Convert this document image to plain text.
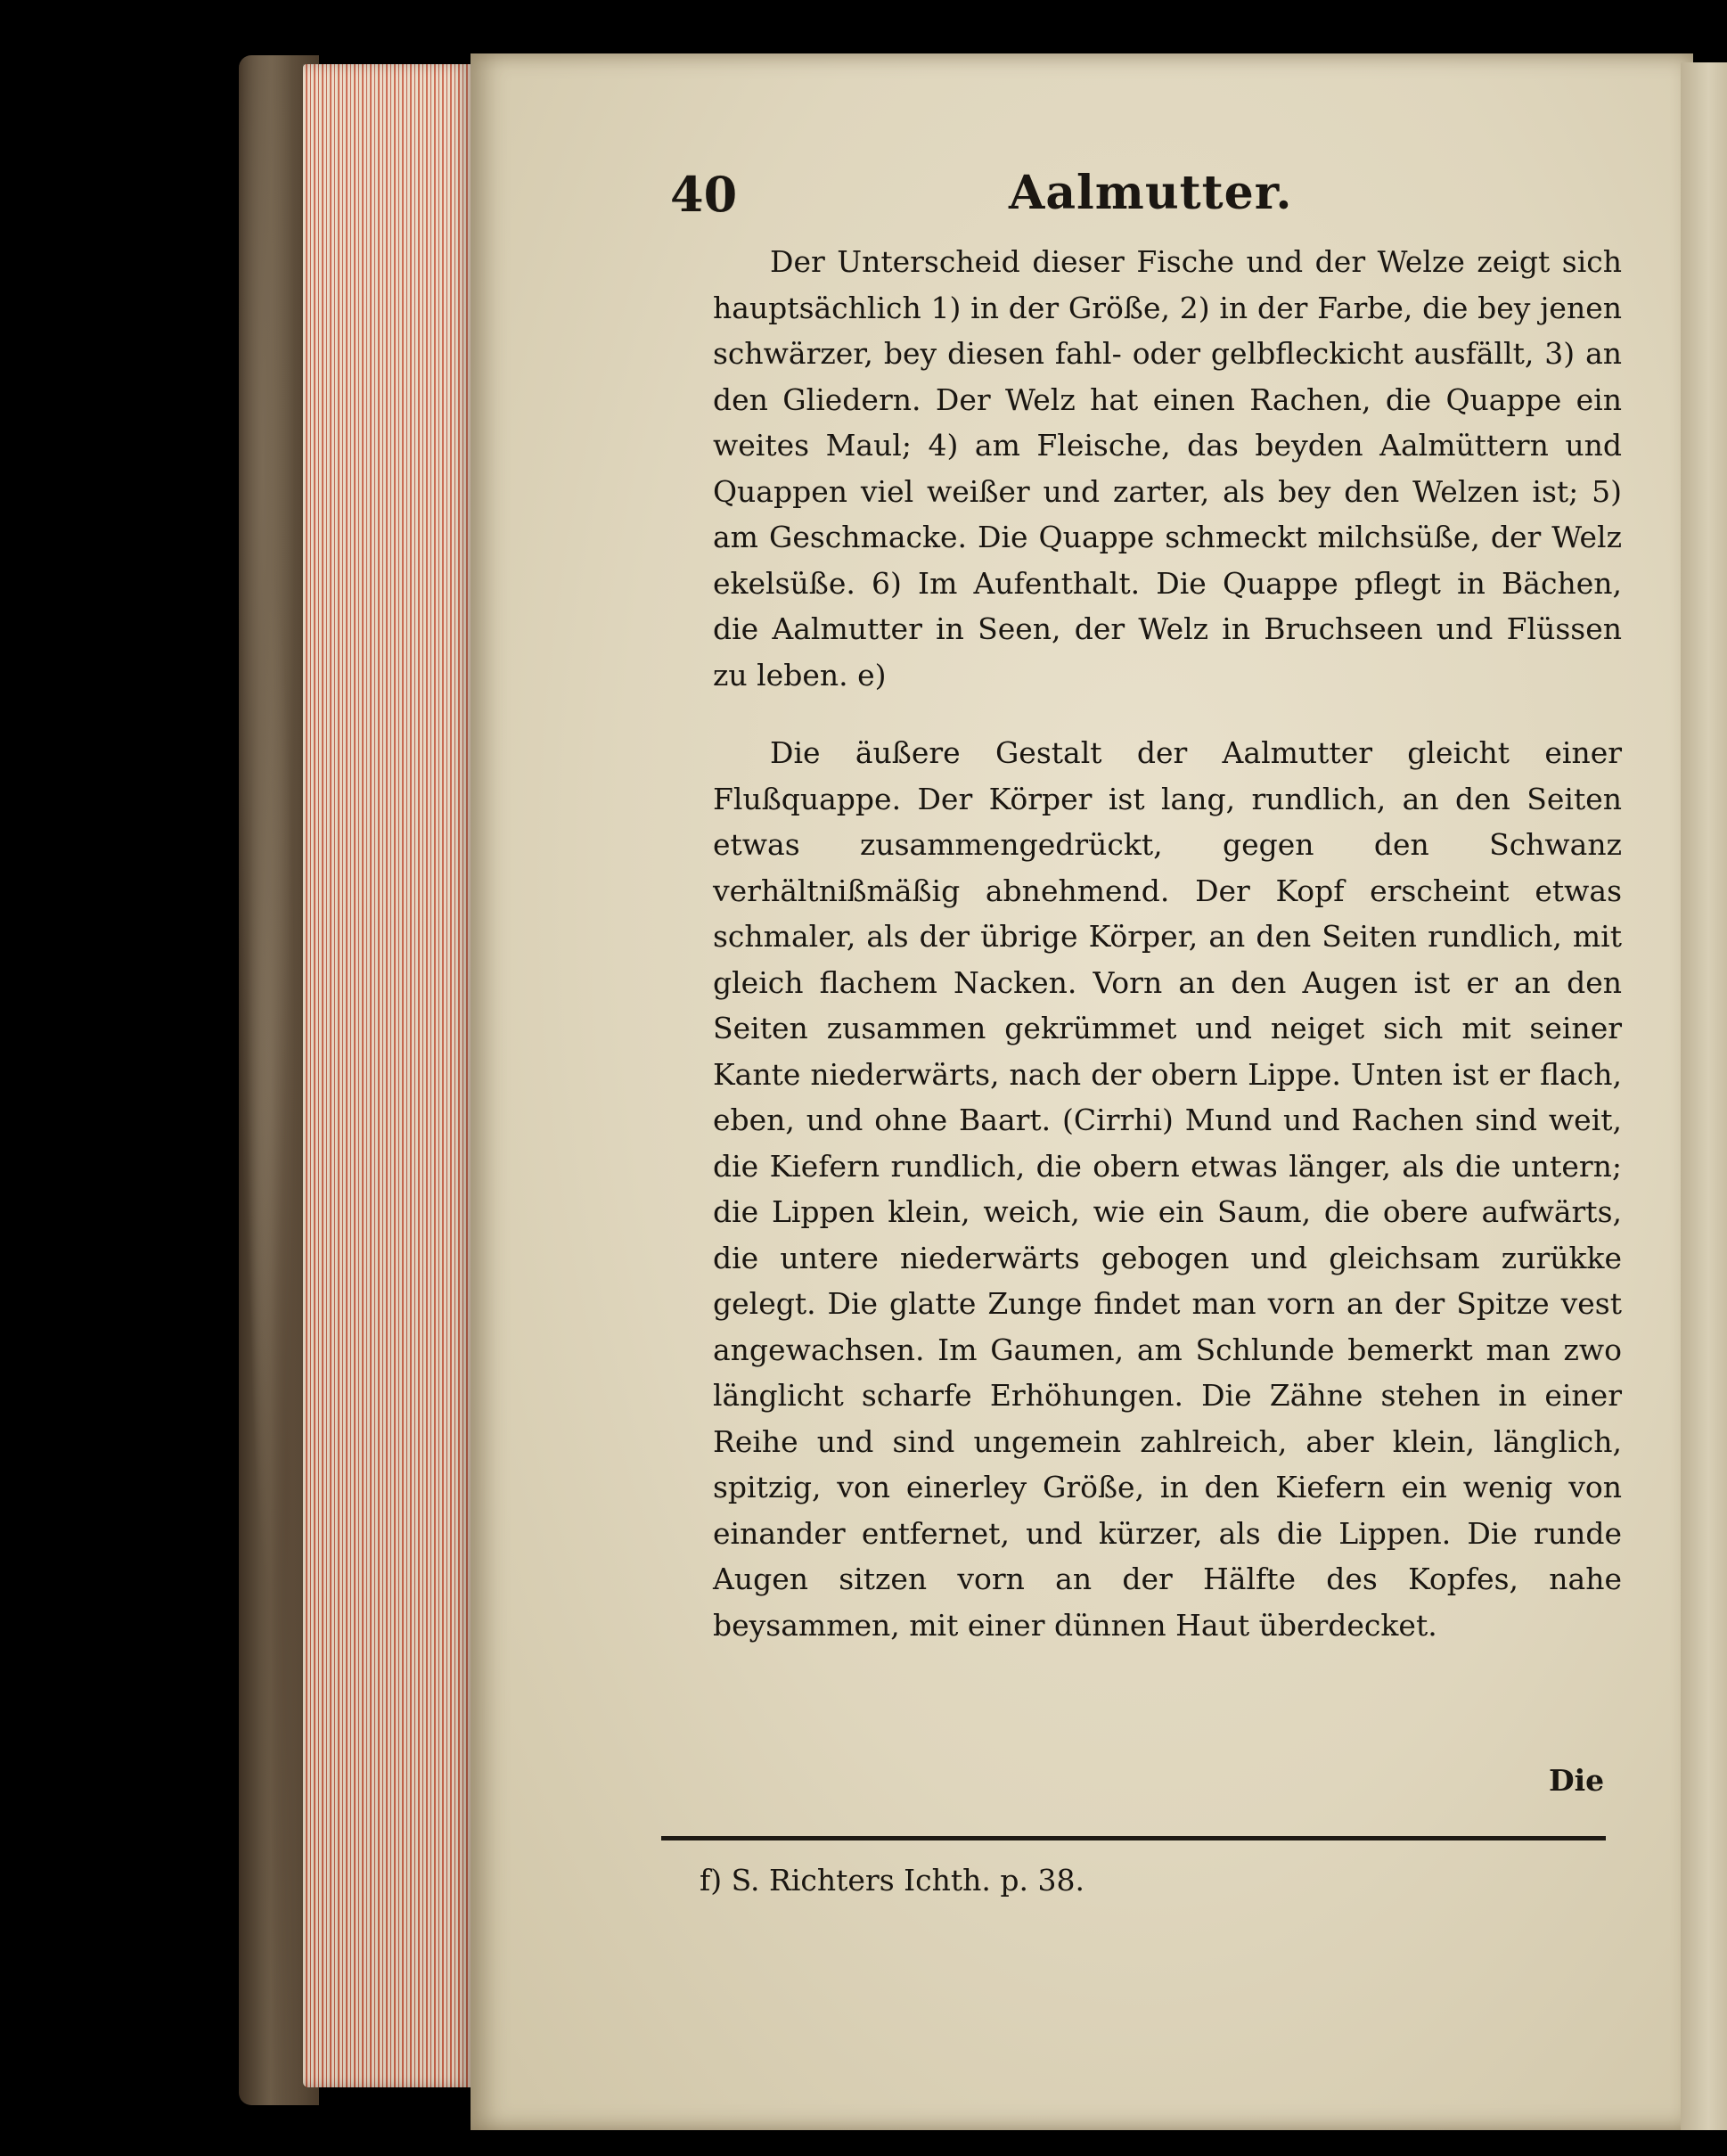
40	Aalmutter.

Der Unterscheid dieser Fische und der Welze zeigt sich hauptsächlich 1) in der Größe, 2) in der Farbe, die bey jenen schwärzer, bey diesen fahl- oder gelbfleckicht ausfällt, 3) an den Gliedern. Der Welz hat einen Rachen, die Quappe ein weites Maul; 4) am Fleische, das beyden Aalmüttern und Quappen viel weißer und zarter, als bey den Welzen ist; 5) am Geschmacke. Die Quappe schmeckt milchsüße, der Welz ekelsüße. 6) Im Aufenthalt. Die Quappe pflegt in Bächen, die Aalmutter in Seen, der Welz in Bruchseen und Flüssen zu leben. e)

Die äußere Gestalt der Aalmutter gleicht einer Flußquappe. Der Körper ist lang, rundlich, an den Seiten etwas zusammengedrückt, gegen den Schwanz verhältnißmäßig abnehmend. Der Kopf erscheint etwas schmaler, als der übrige Körper, an den Seiten rundlich, mit gleich flachem Nacken. Vorn an den Augen ist er an den Seiten zusammen gekrümmet und neiget sich mit seiner Kante niederwärts, nach der obern Lippe. Unten ist er flach, eben, und ohne Baart. (Cirrhi) Mund und Rachen sind weit, die Kiefern rundlich, die obern etwas länger, als die untern; die Lippen klein, weich, wie ein Saum, die obere aufwärts, die untere niederwärts gebogen und gleichsam zurükke gelegt. Die glatte Zunge findet man vorn an der Spitze vest angewachsen. Im Gaumen, am Schlunde bemerkt man zwo länglicht scharfe Erhöhungen. Die Zähne stehen in einer Reihe und sind ungemein zahlreich, aber klein, länglich, spitzig, von einerley Größe, in den Kiefern ein wenig von einander entfernet, und kürzer, als die Lippen. Die runde Augen sitzen vorn an der Hälfte des Kopfes, nahe beysammen, mit einer dünnen Haut überdecket.

Die
f) S. Richters Ichth. p. 38.
